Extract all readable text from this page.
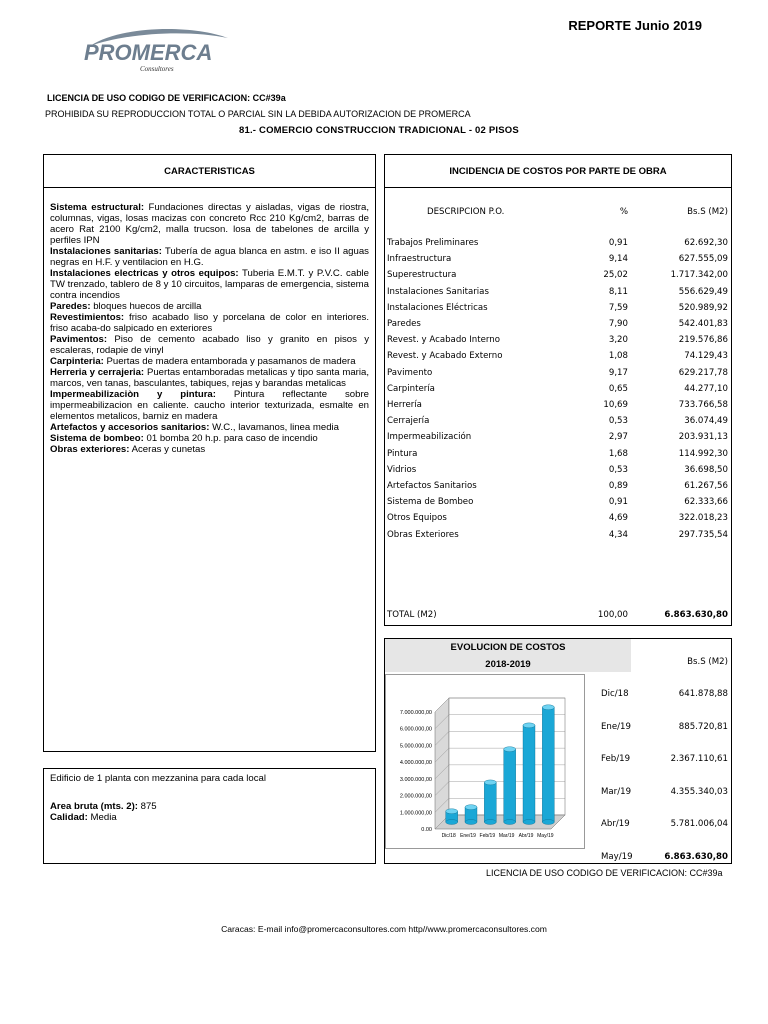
REPORTE Junio 2019
PROMERCA
Consultores
LICENCIA DE USO CODIGO DE VERIFICACION: CC#39a
PROHIBIDA SU REPRODUCCION TOTAL O PARCIAL SIN LA DEBIDA AUTORIZACION DE PROMERCA
81.- COMERCIO CONSTRUCCION TRADICIONAL - 02 PISOS
CARACTERISTICAS
Sistema estructural: Fundaciones directas y aisladas, vigas de riostra, columnas, vigas, losas macizas con concreto Rcc 210 Kg/cm2, barras de acero Rat 2100 Kg/cm2, malla trucson. losa de tabelones de arcilla y perfiles IPN
Instalaciones sanitarias: Tubería de agua blanca en astm. e iso II aguas negras en H.F. y ventilacion en H.G.
Instalaciones electricas y otros equipos: Tuberia E.M.T. y P.V.C. cable TW trenzado, tablero de 8 y 10 circuitos, lamparas de emergencia, sistema contra incendios
Paredes: bloques huecos de arcilla
Revestimientos: friso acabado liso y porcelana de color en interiores. friso acaba-do salpicado en exteriores
Pavimentos: Piso de cemento acabado liso y granito en pisos y escaleras, rodapie de vinyl
Carpinteria: Puertas de madera entamborada y pasamanos de madera
Herreria y cerrajeria: Puertas entamboradas metalicas y tipo santa maria, marcos, ven tanas, basculantes, tabiques, rejas y barandas metalicas
Impermeabilizaciòn y pintura: Pintura reflectante sobre impermeabilizacion en caliente. caucho interior texturizada, esmalte en elementos metalicos, barniz en madera
Artefactos y accesorios sanitarios: W.C., lavamanos, linea media
Sistema de bombeo: 01 bomba 20 h.p. para caso de incendio
Obras exteriores: Aceras y cunetas
Edificio de 1 planta con mezzanina para cada local
Area bruta (mts. 2): 875
Calidad: Media
INCIDENCIA DE COSTOS POR PARTE DE OBRA
DESCRIPCION P.O.	%	Bs.S (M2)
Trabajos Preliminares	0,91	62.692,30
Infraestructura	9,14	627.555,09
Superestructura	25,02	1.717.342,00
Instalaciones Sanitarias	8,11	556.629,49
Instalaciones Eléctricas	7,59	520.989,92
Paredes	7,90	542.401,83
Revest. y Acabado Interno	3,20	219.576,86
Revest. y Acabado Externo	1,08	74.129,43
Pavimento	9,17	629.217,78
Carpintería	0,65	44.277,10
Herrería	10,69	733.766,58
Cerrajería	0,53	36.074,49
Impermeabilización	2,97	203.931,13
Pintura	1,68	114.992,30
Vidrios	0,53	36.698,50
Artefactos Sanitarios	0,89	61.267,56
Sistema de Bombeo	0,91	62.333,66
Otros Equipos	4,69	322.018,23
Obras Exteriores	4,34	297.735,54
TOTAL (M2)	100,00	6.863.630,80
EVOLUCION DE COSTOS
2018-2019	Bs.S (M2)
Dic/18	641.878,88
Ene/19	885.720,81
Feb/19	2.367.110,61
Mar/19	4.355.340,03
Abr/19	5.781.006,04
May/19	6.863.630,80
0.00
1.000.000,00
2.000.000,00
3.000.000,00
4.000.000,00
5.000.000,00
6.000.000,00
7.000.000,00
Dic/18 Ene/19 Feb/19 Mar/19 Abr/19 May/19
LICENCIA DE USO CODIGO DE VERIFICACION: CC#39a
Caracas: E-mail info@promercaconsultores.com http//www.promercaconsultores.com
